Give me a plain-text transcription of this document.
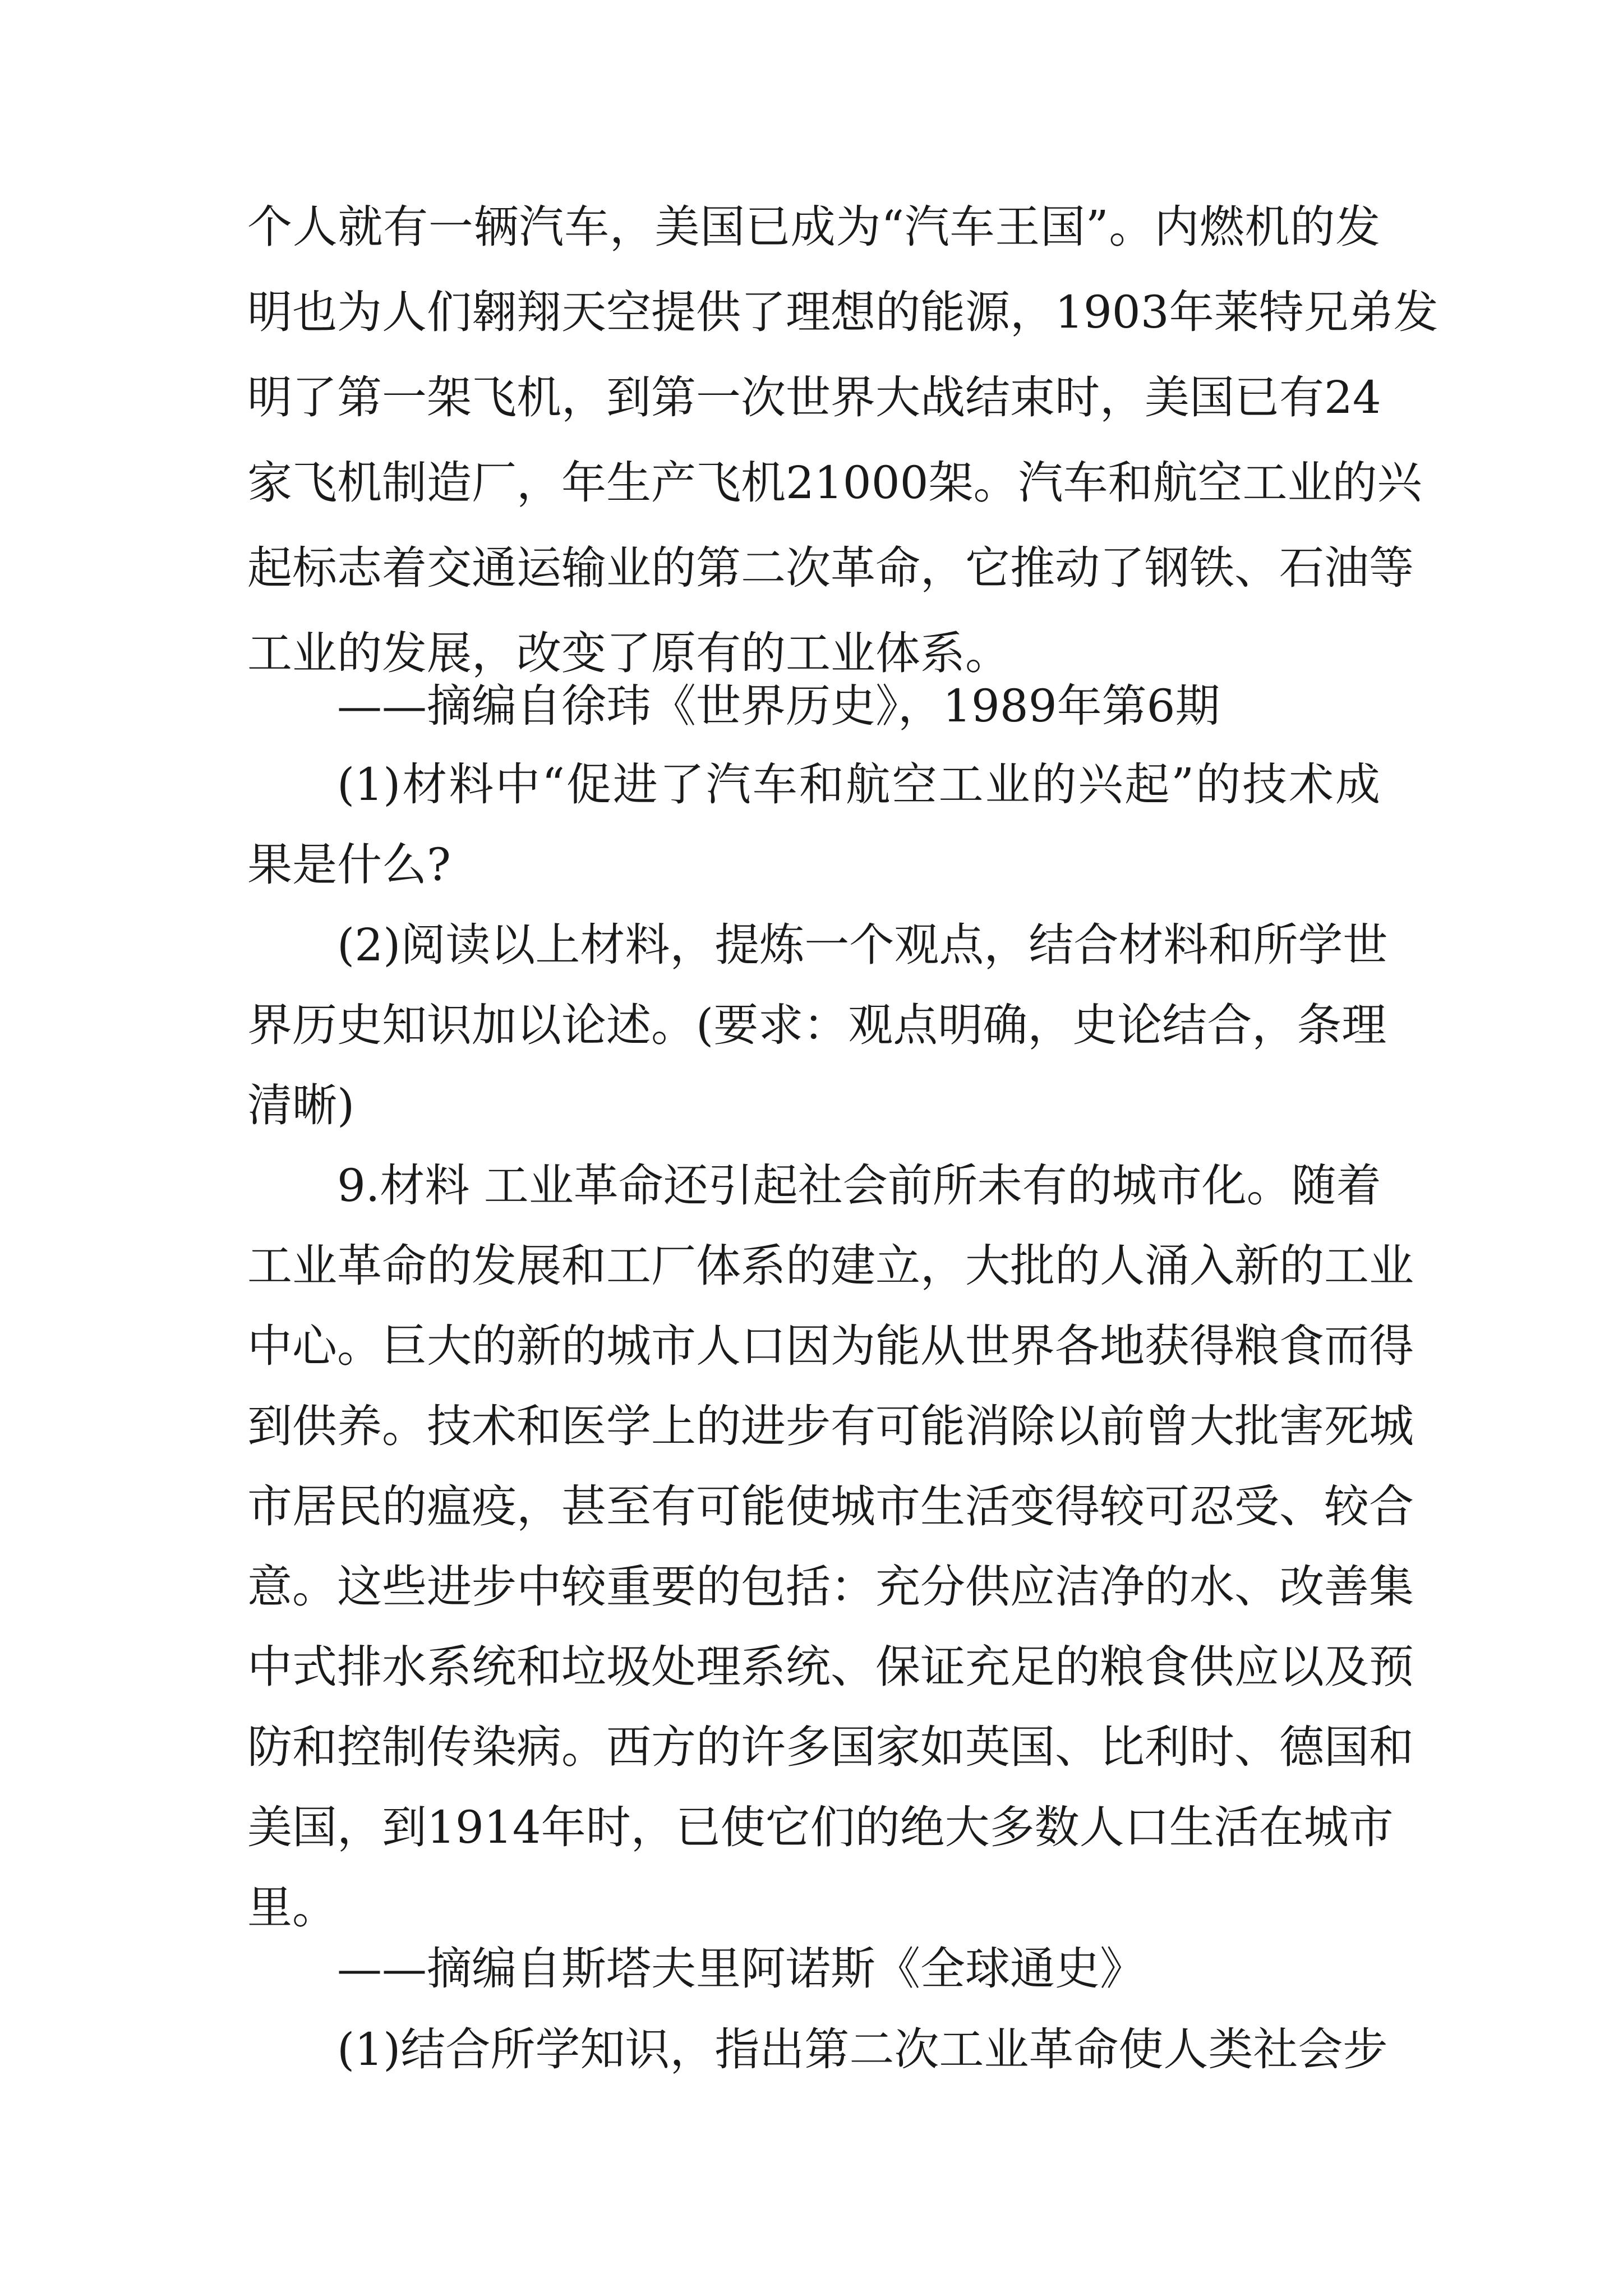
个人就有一辆汽车，美国已成为“汽车王国”。内燃机的发
明也为人们翱翔天空提供了理想的能源，1903年莱特兄弟发
明了第一架飞机，到第一次世界大战结束时，美国已有24
家飞机制造厂，年生产飞机21000架。汽车和航空工业的兴
起标志着交通运输业的第二次革命，它推动了钢铁、石油等
工业的发展，改变了原有的工业体系。
——摘编自徐玮《世界历史》，1989年第6期
(1)材料中“促进了汽车和航空工业的兴起”的技术成
果是什么?
(2)阅读以上材料，提炼一个观点，结合材料和所学世
界历史知识加以论述。(要求：观点明确，史论结合，条理
清晰)
9.材料 工业革命还引起社会前所未有的城市化。随着
工业革命的发展和工厂体系的建立，大批的人涌入新的工业
中心。巨大的新的城市人口因为能从世界各地获得粮食而得
到供养。技术和医学上的进步有可能消除以前曾大批害死城
市居民的瘟疫，甚至有可能使城市生活变得较可忍受、较合
意。这些进步中较重要的包括：充分供应洁净的水、改善集
中式排水系统和垃圾处理系统、保证充足的粮食供应以及预
防和控制传染病。西方的许多国家如英国、比利时、德国和
美国，到1914年时，已使它们的绝大多数人口生活在城市
里。
——摘编自斯塔夫里阿诺斯《全球通史》
(1)结合所学知识，指出第二次工业革命使人类社会步
